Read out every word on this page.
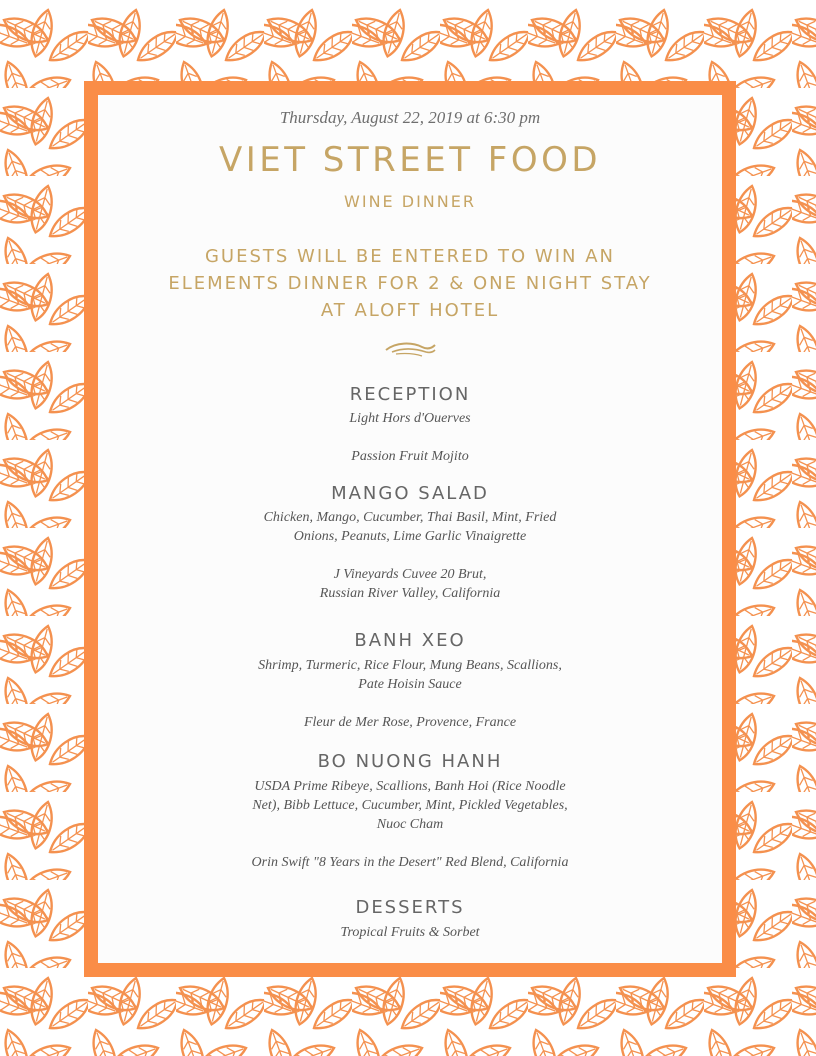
Thursday, August 22, 2019 at 6:30 pm

VIET STREET FOOD

WINE DINNER

GUESTS WILL BE ENTERED TO WIN AN
ELEMENTS DINNER FOR 2 & ONE NIGHT STAY
AT ALOFT HOTEL

RECEPTION
Light Hors d'Ouerves
Passion Fruit Mojito
MANGO SALAD
Chicken, Mango, Cucumber, Thai Basil, Mint, Fried
Onions, Peanuts, Lime Garlic Vinaigrette
J Vineyards Cuvee 20 Brut,
Russian River Valley, California
BANH XEO
Shrimp, Turmeric, Rice Flour, Mung Beans, Scallions,
Pate Hoisin Sauce
Fleur de Mer Rose, Provence, France
BO NUONG HANH
USDA Prime Ribeye, Scallions, Banh Hoi (Rice Noodle
Net), Bibb Lettuce, Cucumber, Mint, Pickled Vegetables,
Nuoc Cham
Orin Swift "8 Years in the Desert" Red Blend, California
DESSERTS
Tropical Fruits & Sorbet
